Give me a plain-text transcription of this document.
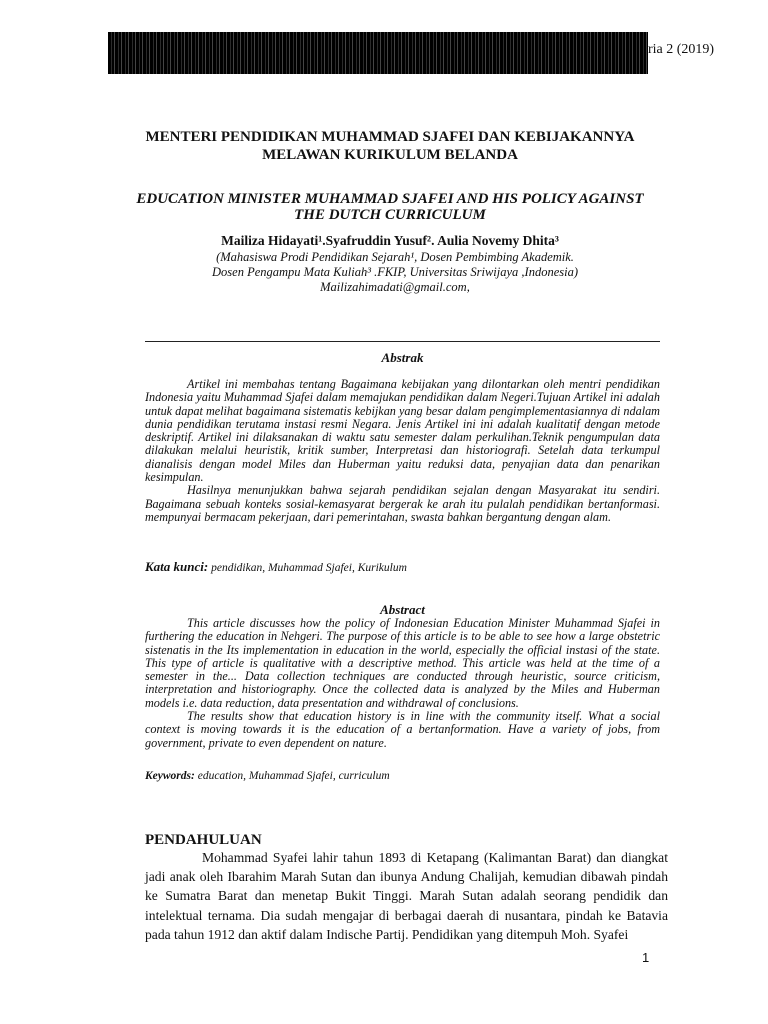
ria 2 (2019)
MENTERI PENDIDIKAN MUHAMMAD SJAFEI DAN KEBIJAKANNYA MELAWAN KURIKULUM BELANDA
EDUCATION MINISTER MUHAMMAD SJAFEI AND HIS POLICY AGAINST THE DUTCH CURRICULUM
Mailiza Hidayati¹.Syafruddin Yusuf². Aulia Novemy Dhita³
(Mahasiswa Prodi Pendidikan Sejarah¹, Dosen Pembimbing Akademik.
Dosen Pengampu Mata Kuliah³ .FKIP, Universitas Sriwijaya ,Indonesia)
Mailizahimadati@gmail.com,
Abstrak

Artikel ini membahas tentang Bagaimana kebijakan yang dilontarkan oleh mentri pendidikan Indonesia yaitu Muhammad Sjafei dalam memajukan pendidikan dalam Negeri.Tujuan Artikel ini adalah untuk dapat melihat bagaimana sistematis kebijkan yang besar dalam pengimplementasiannya di ndalam dunia pendidikan terutama instasi resmi Negara. Jenis Artikel ini ini adalah kualitatif dengan metode deskriptif. Artikel ini dilaksanakan di waktu satu semester dalam perkulihan.Teknik pengumpulan data dilakukan melalui heuristik, kritik sumber, Interpretasi dan historiografi. Setelah data terkumpul dianalisis dengan model Miles dan Huberman yaitu reduksi data, penyajian data dan penarikan kesimpulan.

Hasilnya menunjukkan bahwa sejarah pendidikan sejalan dengan Masyarakat itu sendiri. Bagaimana sebuah konteks sosial-kemasyarat bergerak ke arah itu pulalah pendidikan bertanformasi. mempunyai bermacam pekerjaan, dari pemerintahan, swasta bahkan bergantung dengan alam.

Kata kunci: pendidikan, Muhammad Sjafei, Kurikulum
Abstract

This article discusses how the policy of Indonesian Education Minister Muhammad Sjafei in furthering the education in Nehgeri. The purpose of this article is to be able to see how a large obstetric sistenatis in the Its implementation in education in the world, especially the official instasi of the state. This type of article is qualitative with a descriptive method. This article was held at the time of a semester in the... Data collection techniques are conducted through heuristic, source criticism, interpretation and historiography. Once the collected data is analyzed by the Miles and Huberman models i.e. data reduction, data presentation and withdrawal of conclusions.

The results show that education history is in line with the community itself. What a social context is moving towards it is the education of a bertanformation. Have a variety of jobs, from government, private to even dependent on nature.

Keywords: education, Muhammad Sjafei, curriculum
PENDAHULUAN

Mohammad Syafei lahir tahun 1893 di Ketapang (Kalimantan Barat) dan diangkat jadi anak oleh Ibarahim Marah Sutan dan ibunya Andung Chalijah, kemudian dibawah pindah ke Sumatra Barat dan menetap Bukit Tinggi. Marah Sutan adalah seorang pendidik dan intelektual ternama. Dia sudah mengajar di berbagai daerah di nusantara, pindah ke Batavia pada tahun 1912 dan aktif dalam Indische Partij. Pendidikan yang ditempuh Moh. Syafei

1
